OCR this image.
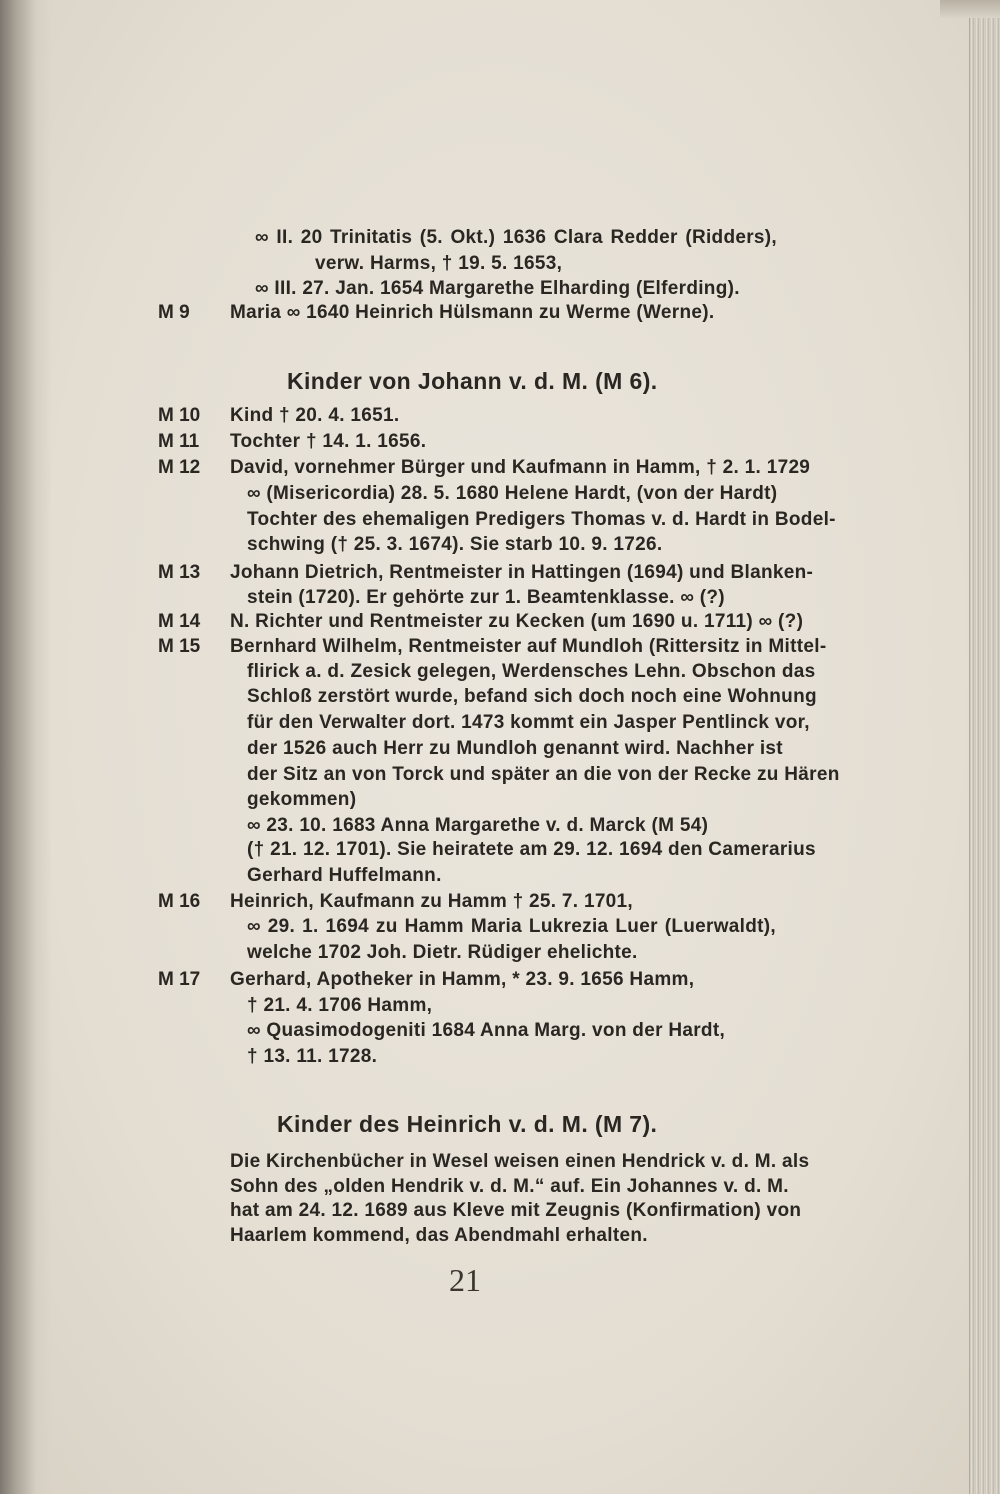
∞ II. 20 Trinitatis (5. Okt.) 1636 Clara Redder (Ridders),
verw. Harms, † 19. 5. 1653,
∞ III. 27. Jan. 1654 Margarethe Elharding (Elferding).
M 9 Maria ∞ 1640 Heinrich Hülsmann zu Werme (Werne).
Kinder von Johann v. d. M. (M 6).
M 10 Kind † 20. 4. 1651.
M 11 Tochter † 14. 1. 1656.
M 12 David, vornehmer Bürger und Kaufmann in Hamm, † 2. 1. 1729
∞ (Misericordia) 28. 5. 1680 Helene Hardt, (von der Hardt)
Tochter des ehemaligen Predigers Thomas v. d. Hardt in Bodel-
schwing († 25. 3. 1674). Sie starb 10. 9. 1726.
M 13 Johann Dietrich, Rentmeister in Hattingen (1694) und Blanken-
stein (1720). Er gehörte zur 1. Beamtenklasse. ∞ (?)
M 14 N. Richter und Rentmeister zu Kecken (um 1690 u. 1711) ∞ (?)
M 15 Bernhard Wilhelm, Rentmeister auf Mundloh (Rittersitz in Mittel-
flirick a. d. Zesick gelegen, Werdensches Lehn. Obschon das
Schloß zerstört wurde, befand sich doch noch eine Wohnung
für den Verwalter dort. 1473 kommt ein Jasper Pentlinck vor,
der 1526 auch Herr zu Mundloh genannt wird. Nachher ist
der Sitz an von Torck und später an die von der Recke zu Hären
gekommen)
∞ 23. 10. 1683 Anna Margarethe v. d. Marck (M 54)
(† 21. 12. 1701). Sie heiratete am 29. 12. 1694 den Camerarius
Gerhard Huffelmann.
M 16 Heinrich, Kaufmann zu Hamm † 25. 7. 1701,
∞ 29. 1. 1694 zu Hamm Maria Lukrezia Luer (Luerwaldt),
welche 1702 Joh. Dietr. Rüdiger ehelichte.
M 17 Gerhard, Apotheker in Hamm, * 23. 9. 1656 Hamm,
† 21. 4. 1706 Hamm,
∞ Quasimodogeniti 1684 Anna Marg. von der Hardt,
† 13. 11. 1728.
Kinder des Heinrich v. d. M. (M 7).
Die Kirchenbücher in Wesel weisen einen Hendrick v. d. M. als
Sohn des „olden Hendrik v. d. M.“ auf. Ein Johannes v. d. M.
hat am 24. 12. 1689 aus Kleve mit Zeugnis (Konfirmation) von
Haarlem kommend, das Abendmahl erhalten.
21
